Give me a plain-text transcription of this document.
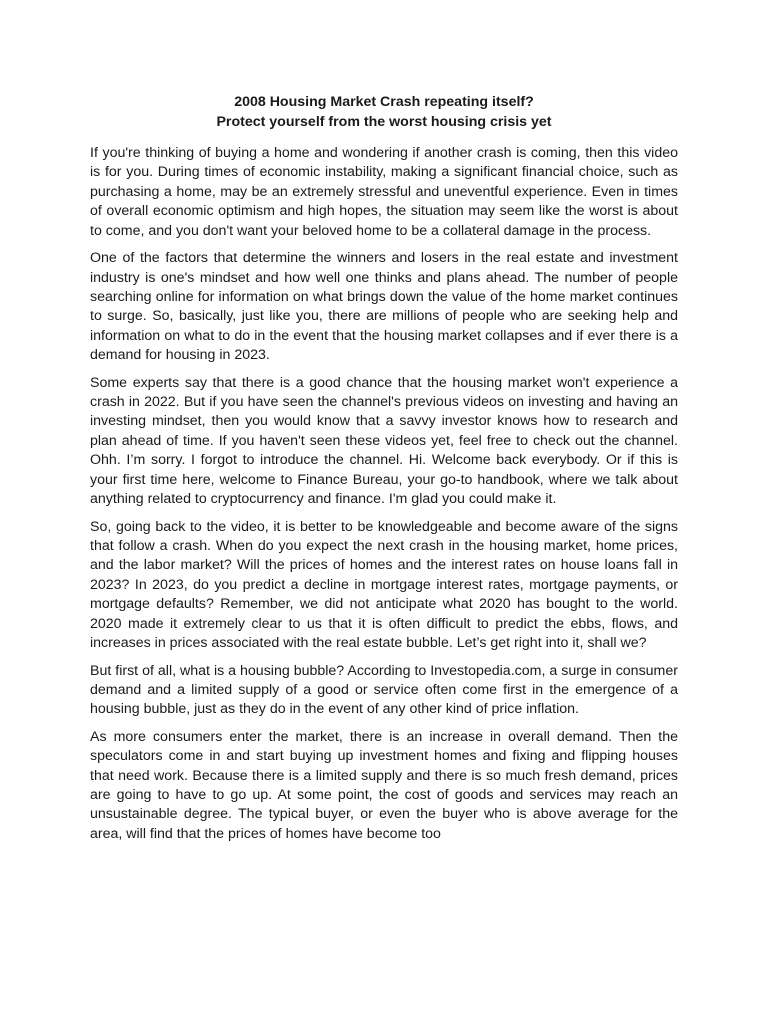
2008 Housing Market Crash repeating itself?
Protect yourself from the worst housing crisis yet

If you're thinking of buying a home and wondering if another crash is coming, then this video is for you. During times of economic instability, making a significant financial choice, such as purchasing a home, may be an extremely stressful and uneventful experience. Even in times of overall economic optimism and high hopes, the situation may seem like the worst is about to come, and you don't want your beloved home to be a collateral damage in the process.

One of the factors that determine the winners and losers in the real estate and investment industry is one's mindset and how well one thinks and plans ahead. The number of people searching online for information on what brings down the value of the home market continues to surge. So, basically, just like you, there are millions of people who are seeking help and information on what to do in the event that the housing market collapses and if ever there is a demand for housing in 2023.

Some experts say that there is a good chance that the housing market won't experience a crash in 2022. But if you have seen the channel's previous videos on investing and having an investing mindset, then you would know that a savvy investor knows how to research and plan ahead of time. If you haven't seen these videos yet, feel free to check out the channel. Ohh. I’m sorry. I forgot to introduce the channel. Hi. Welcome back everybody. Or if this is your first time here, welcome to Finance Bureau, your go-to handbook, where we talk about anything related to cryptocurrency and finance. I'm glad you could make it.

So, going back to the video, it is better to be knowledgeable and become aware of the signs that follow a crash. When do you expect the next crash in the housing market, home prices, and the labor market? Will the prices of homes and the interest rates on house loans fall in 2023? In 2023, do you predict a decline in mortgage interest rates, mortgage payments, or mortgage defaults? Remember, we did not anticipate what 2020 has bought to the world. 2020 made it extremely clear to us that it is often difficult to predict the ebbs, flows, and increases in prices associated with the real estate bubble. Let’s get right into it, shall we?

But first of all, what is a housing bubble? According to Investopedia.com, a surge in consumer demand and a limited supply of a good or service often come first in the emergence of a housing bubble, just as they do in the event of any other kind of price inflation.

As more consumers enter the market, there is an increase in overall demand. Then the speculators come in and start buying up investment homes and fixing and flipping houses that need work. Because there is a limited supply and there is so much fresh demand, prices are going to have to go up. At some point, the cost of goods and services may reach an unsustainable degree. The typical buyer, or even the buyer who is above average for the area, will find that the prices of homes have become too
